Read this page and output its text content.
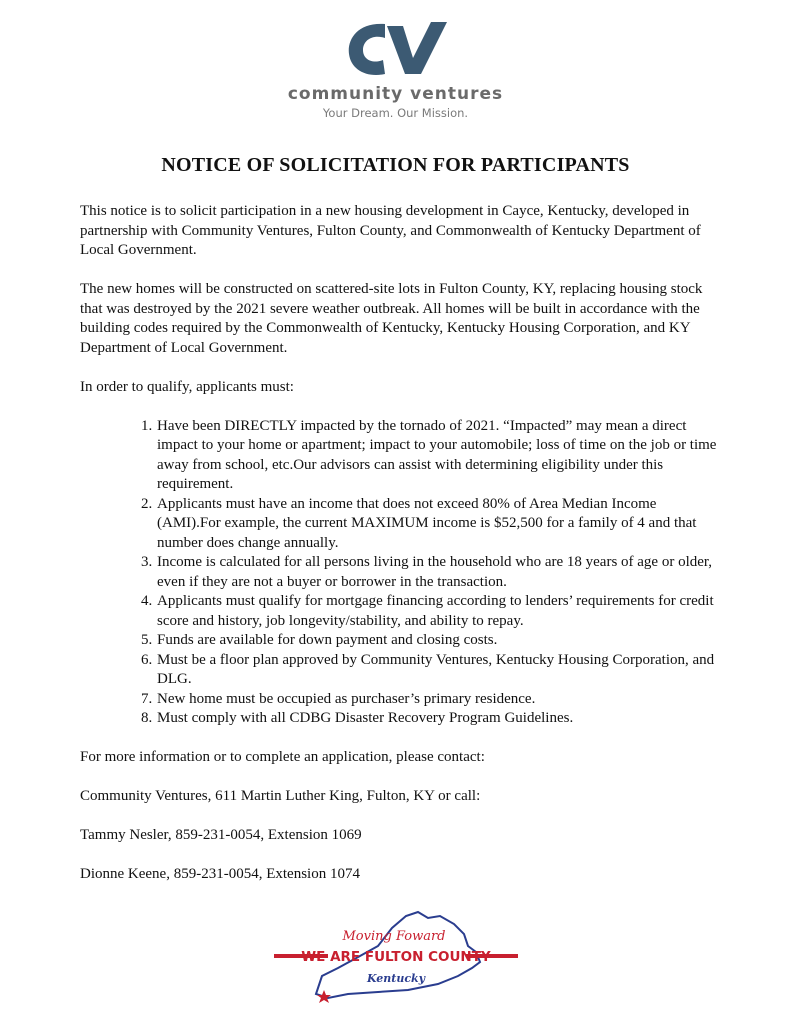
community ventures
Your Dream. Our Mission.
NOTICE OF SOLICITATION FOR PARTICIPANTS

This notice is to solicit participation in a new housing development in Cayce, Kentucky, developed in partnership with Community Ventures, Fulton County, and Commonwealth of Kentucky Department of Local Government.

The new homes will be constructed on scattered-site lots in Fulton County, KY, replacing housing stock that was destroyed by the 2021 severe weather outbreak. All homes will be built in accordance with the building codes required by the Commonwealth of Kentucky, Kentucky Housing Corporation, and KY Department of Local Government.

In order to qualify, applicants must:

1. Have been DIRECTLY impacted by the tornado of 2021. “Impacted” may mean a direct impact to your home or apartment; impact to your automobile; loss of time on the job or time away from school, etc.Our advisors can assist with determining eligibility under this requirement.
2. Applicants must have an income that does not exceed 80% of Area Median Income (AMI).For example, the current MAXIMUM income is $52,500 for a family of 4 and that number does change annually.
3. Income is calculated for all persons living in the household who are 18 years of age or older, even if they are not a buyer or borrower in the transaction.
4. Applicants must qualify for mortgage financing according to lenders’ requirements for credit score and history, job longevity/stability, and ability to repay.
5. Funds are available for down payment and closing costs.
6. Must be a floor plan approved by Community Ventures, Kentucky Housing Corporation, and DLG.
7. New home must be occupied as purchaser’s primary residence.
8. Must comply with all CDBG Disaster Recovery Program Guidelines.

For more information or to complete an application, please contact:

Community Ventures, 611 Martin Luther King, Fulton, KY or call:

Tammy Nesler, 859-231-0054, Extension 1069

Dionne Keene, 859-231-0054, Extension 1074

Moving Foward
WE ARE FULTON COUNTY
Kentucky
